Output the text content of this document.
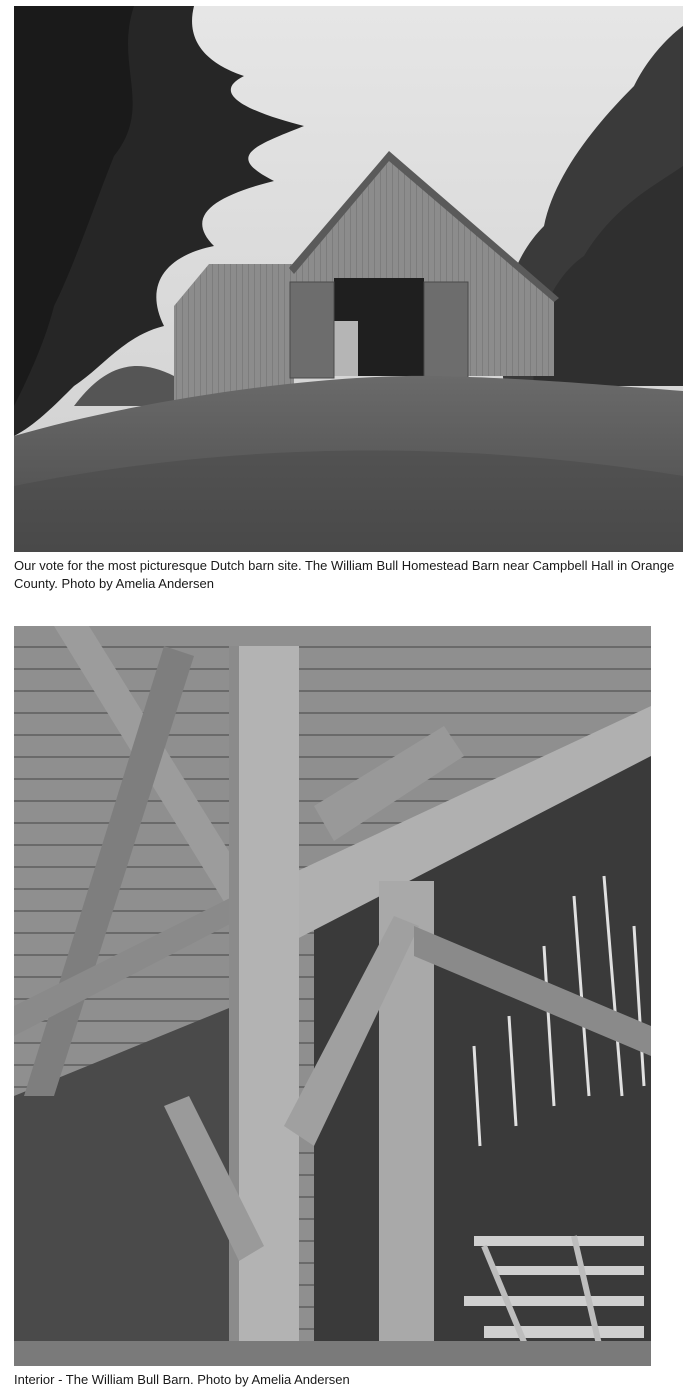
Our vote for the most picturesque Dutch barn site. The William Bull Homestead Barn near Campbell Hall in Orange County. Photo by Amelia Andersen

Interior - The William Bull Barn. Photo by Amelia Andersen
